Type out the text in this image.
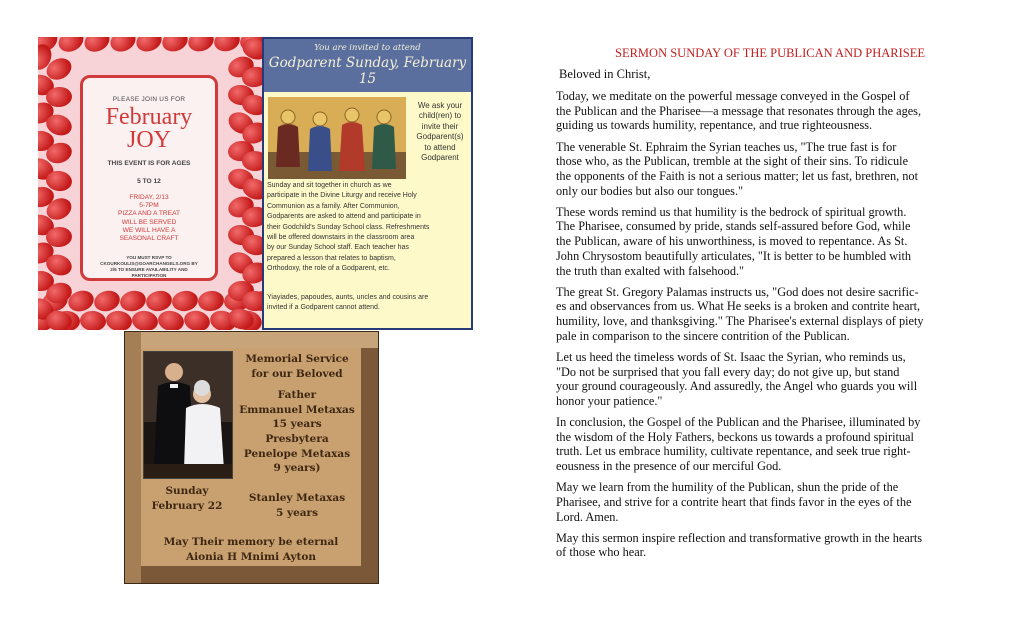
PLEASE JOIN US FOR
February
JOY
THIS EVENT IS FOR AGES
5 TO 12
FRIDAY, 2/13
5-7PM
PIZZA AND A TREAT
WILL BE SERVED
WE WILL HAVE A
SEASONAL CRAFT
YOU MUST RSVP TO
CKOURKOULIS@GOARCHANGELS.ORG BY
2/6 TO ENSURE AVAILABILITY AND
PARTICIPATION
You are invited to attend
Godparent Sunday, February 15
We ask your
child(ren) to
invite their
Godparent(s)
to attend
Godparent
Sunday and sit together in church as we
participate in the Divine Liturgy and receive Holy
Communion as a family. After Communion,
Godparents are asked to attend and participate in
their Godchild's Sunday School class. Refreshments
will be offered downstairs in the classroom area
by our Sunday School staff. Each teacher has
prepared a lesson that relates to baptism,
Orthodoxy, the role of a Godparent, etc.
Yiayiades, papoudes, aunts, uncles and cousins are
invited if a Godparent cannot attend.
Memorial Service
for our Beloved
Father
Emmanuel Metaxas
15 years
Presbytera
Penelope Metaxas
9 years)
Stanley Metaxas
5 years
Sunday
February 22
May Their memory be eternal
Aionia H Mnimi Ayton
SERMON SUNDAY OF THE PUBLICAN AND PHARISEE
Beloved in Christ,
Today, we meditate on the powerful message conveyed in the Gospel of
the Publican and the Pharisee—a message that resonates through the ages,
guiding us towards humility, repentance, and true righteousness.
The venerable St. Ephraim the Syrian teaches us, "The true fast is for
those who, as the Publican, tremble at the sight of their sins. To ridicule
the opponents of the Faith is not a serious matter; let us fast, brethren, not
only our bodies but also our tongues."
These words remind us that humility is the bedrock of spiritual growth.
The Pharisee, consumed by pride, stands self-assured before God, while
the Publican, aware of his unworthiness, is moved to repentance. As St.
John Chrysostom beautifully articulates, "It is better to be humbled with
the truth than exalted with falsehood."
The great St. Gregory Palamas instructs us, "God does not desire sacrific-
es and observances from us. What He seeks is a broken and contrite heart,
humility, love, and thanksgiving." The Pharisee's external displays of piety
pale in comparison to the sincere contrition of the Publican.
Let us heed the timeless words of St. Isaac the Syrian, who reminds us,
"Do not be surprised that you fall every day; do not give up, but stand
your ground courageously. And assuredly, the Angel who guards you will
honor your patience."
In conclusion, the Gospel of the Publican and the Pharisee, illuminated by
the wisdom of the Holy Fathers, beckons us towards a profound spiritual
truth. Let us embrace humility, cultivate repentance, and seek true right-
eousness in the presence of our merciful God.
May we learn from the humility of the Publican, shun the pride of the
Pharisee, and strive for a contrite heart that finds favor in the eyes of the
Lord. Amen.
May this sermon inspire reflection and transformative growth in the hearts
of those who hear.
